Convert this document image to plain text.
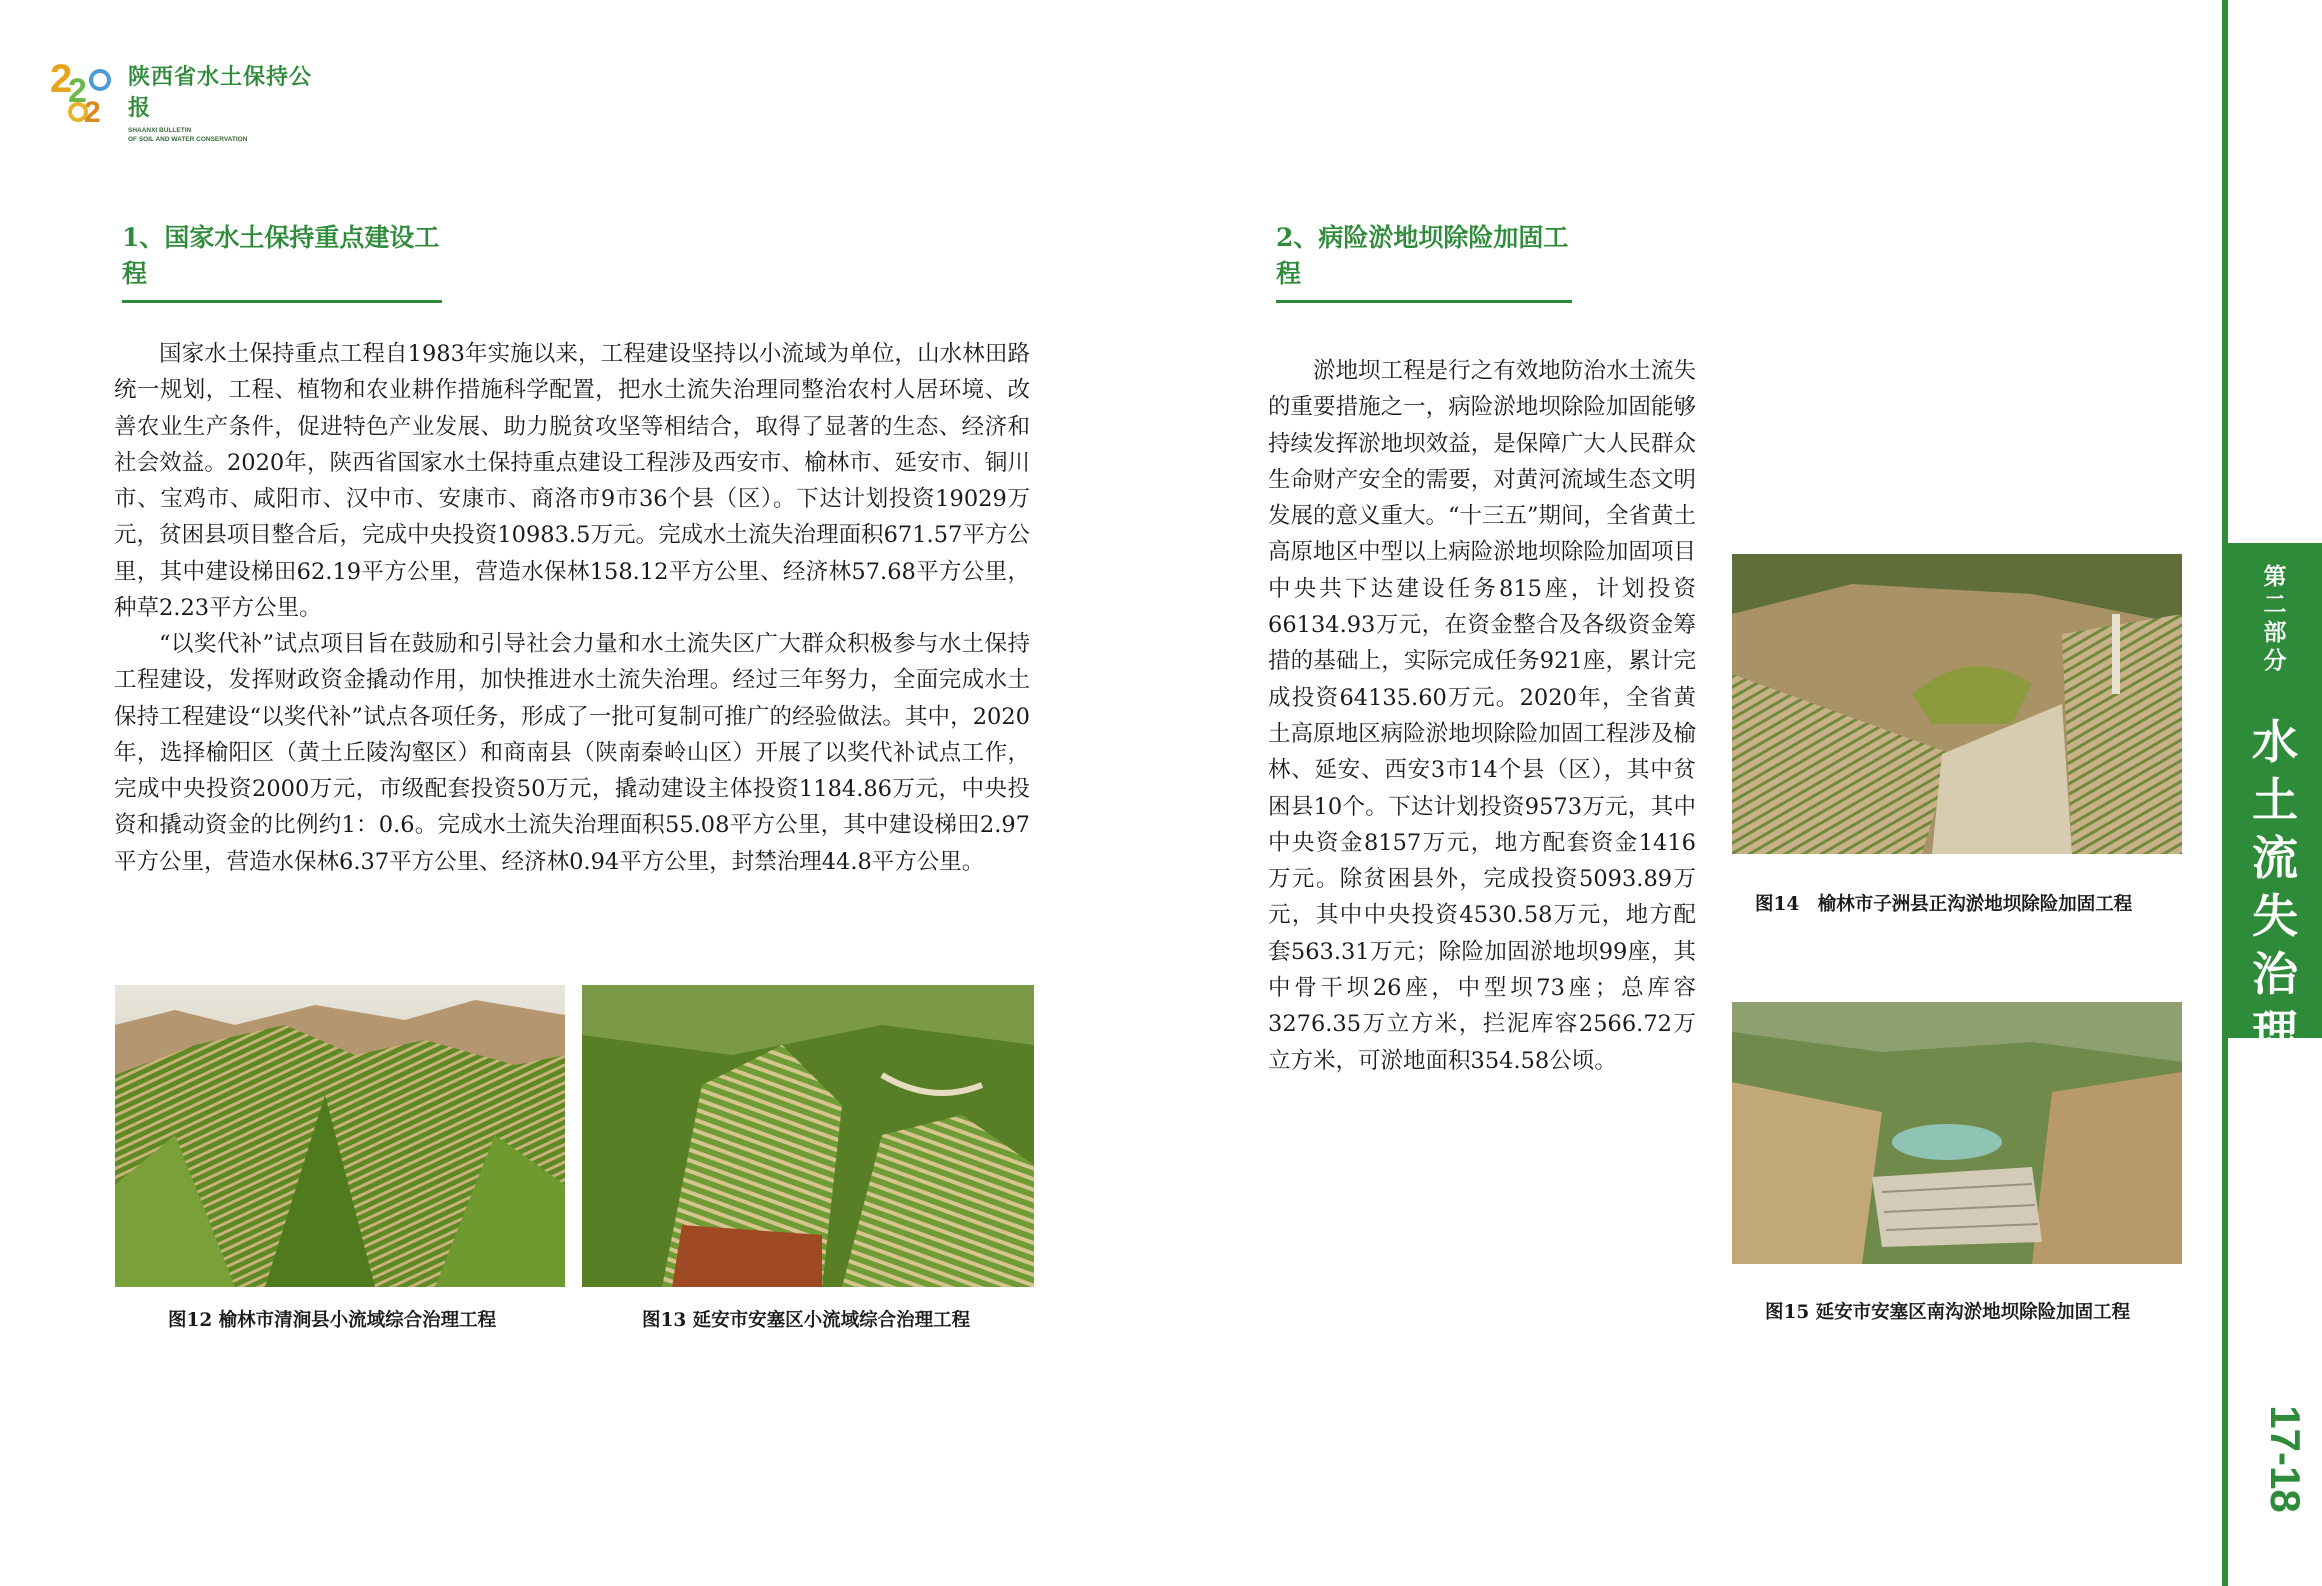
2
2
2
陕西省水土保持公报
SHAANXI BULLETIN
OF SOIL AND WATER CONSERVATION
1、国家水土保持重点建设工程

国家水土保持重点工程自1983年实施以来，工程建设坚持以小流域为单位，山水林田路统一规划，工程、植物和农业耕作措施科学配置，把水土流失治理同整治农村人居环境、改善农业生产条件，促进特色产业发展、助力脱贫攻坚等相结合，取得了显著的生态、经济和社会效益。2020年，陕西省国家水土保持重点建设工程涉及西安市、榆林市、延安市、铜川市、宝鸡市、咸阳市、汉中市、安康市、商洛市9市36个县（区）。下达计划投资19029万元，贫困县项目整合后，完成中央投资10983.5万元。完成水土流失治理面积671.57平方公里，其中建设梯田62.19平方公里，营造水保林158.12平方公里、经济林57.68平方公里，种草2.23平方公里。

“以奖代补”试点项目旨在鼓励和引导社会力量和水土流失区广大群众积极参与水土保持工程建设，发挥财政资金撬动作用，加快推进水土流失治理。经过三年努力，全面完成水土保持工程建设“以奖代补”试点各项任务，形成了一批可复制可推广的经验做法。其中，2020年，选择榆阳区（黄土丘陵沟壑区）和商南县（陕南秦岭山区）开展了以奖代补试点工作，完成中央投资2000万元，市级配套投资50万元，撬动建设主体投资1184.86万元，中央投资和撬动资金的比例约1：0.6。完成水土流失治理面积55.08平方公里，其中建设梯田2.97平方公里，营造水保林6.37平方公里、经济林0.94平方公里，封禁治理44.8平方公里。

图12 榆林市清涧县小流域综合治理工程	图13 延安市安塞区小流域综合治理工程
2、病险淤地坝除险加固工程

淤地坝工程是行之有效地防治水土流失的重要措施之一，病险淤地坝除险加固能够持续发挥淤地坝效益，是保障广大人民群众生命财产安全的需要，对黄河流域生态文明发展的意义重大。“十三五”期间，全省黄土高原地区中型以上病险淤地坝除险加固项目中央共下达建设任务815座，计划投资66134.93万元，在资金整合及各级资金筹措的基础上，实际完成任务921座，累计完成投资64135.60万元。2020年，全省黄土高原地区病险淤地坝除险加固工程涉及榆林、延安、西安3市14个县（区），其中贫困县10个。下达计划投资9573万元，其中中央资金8157万元，地方配套资金1416万元。除贫困县外，完成投资5093.89万元，其中中央投资4530.58万元，地方配套563.31万元；除险加固淤地坝99座，其中骨干坝26座，中型坝73座；总库容3276.35万立方米，拦泥库容2566.72万立方米，可淤地面积354.58公顷。

图14　榆林市子洲县正沟淤地坝除险加固工程
图15 延安市安塞区南沟淤地坝除险加固工程
第
二
部
分
水
土
流
失
治
理
17-18
